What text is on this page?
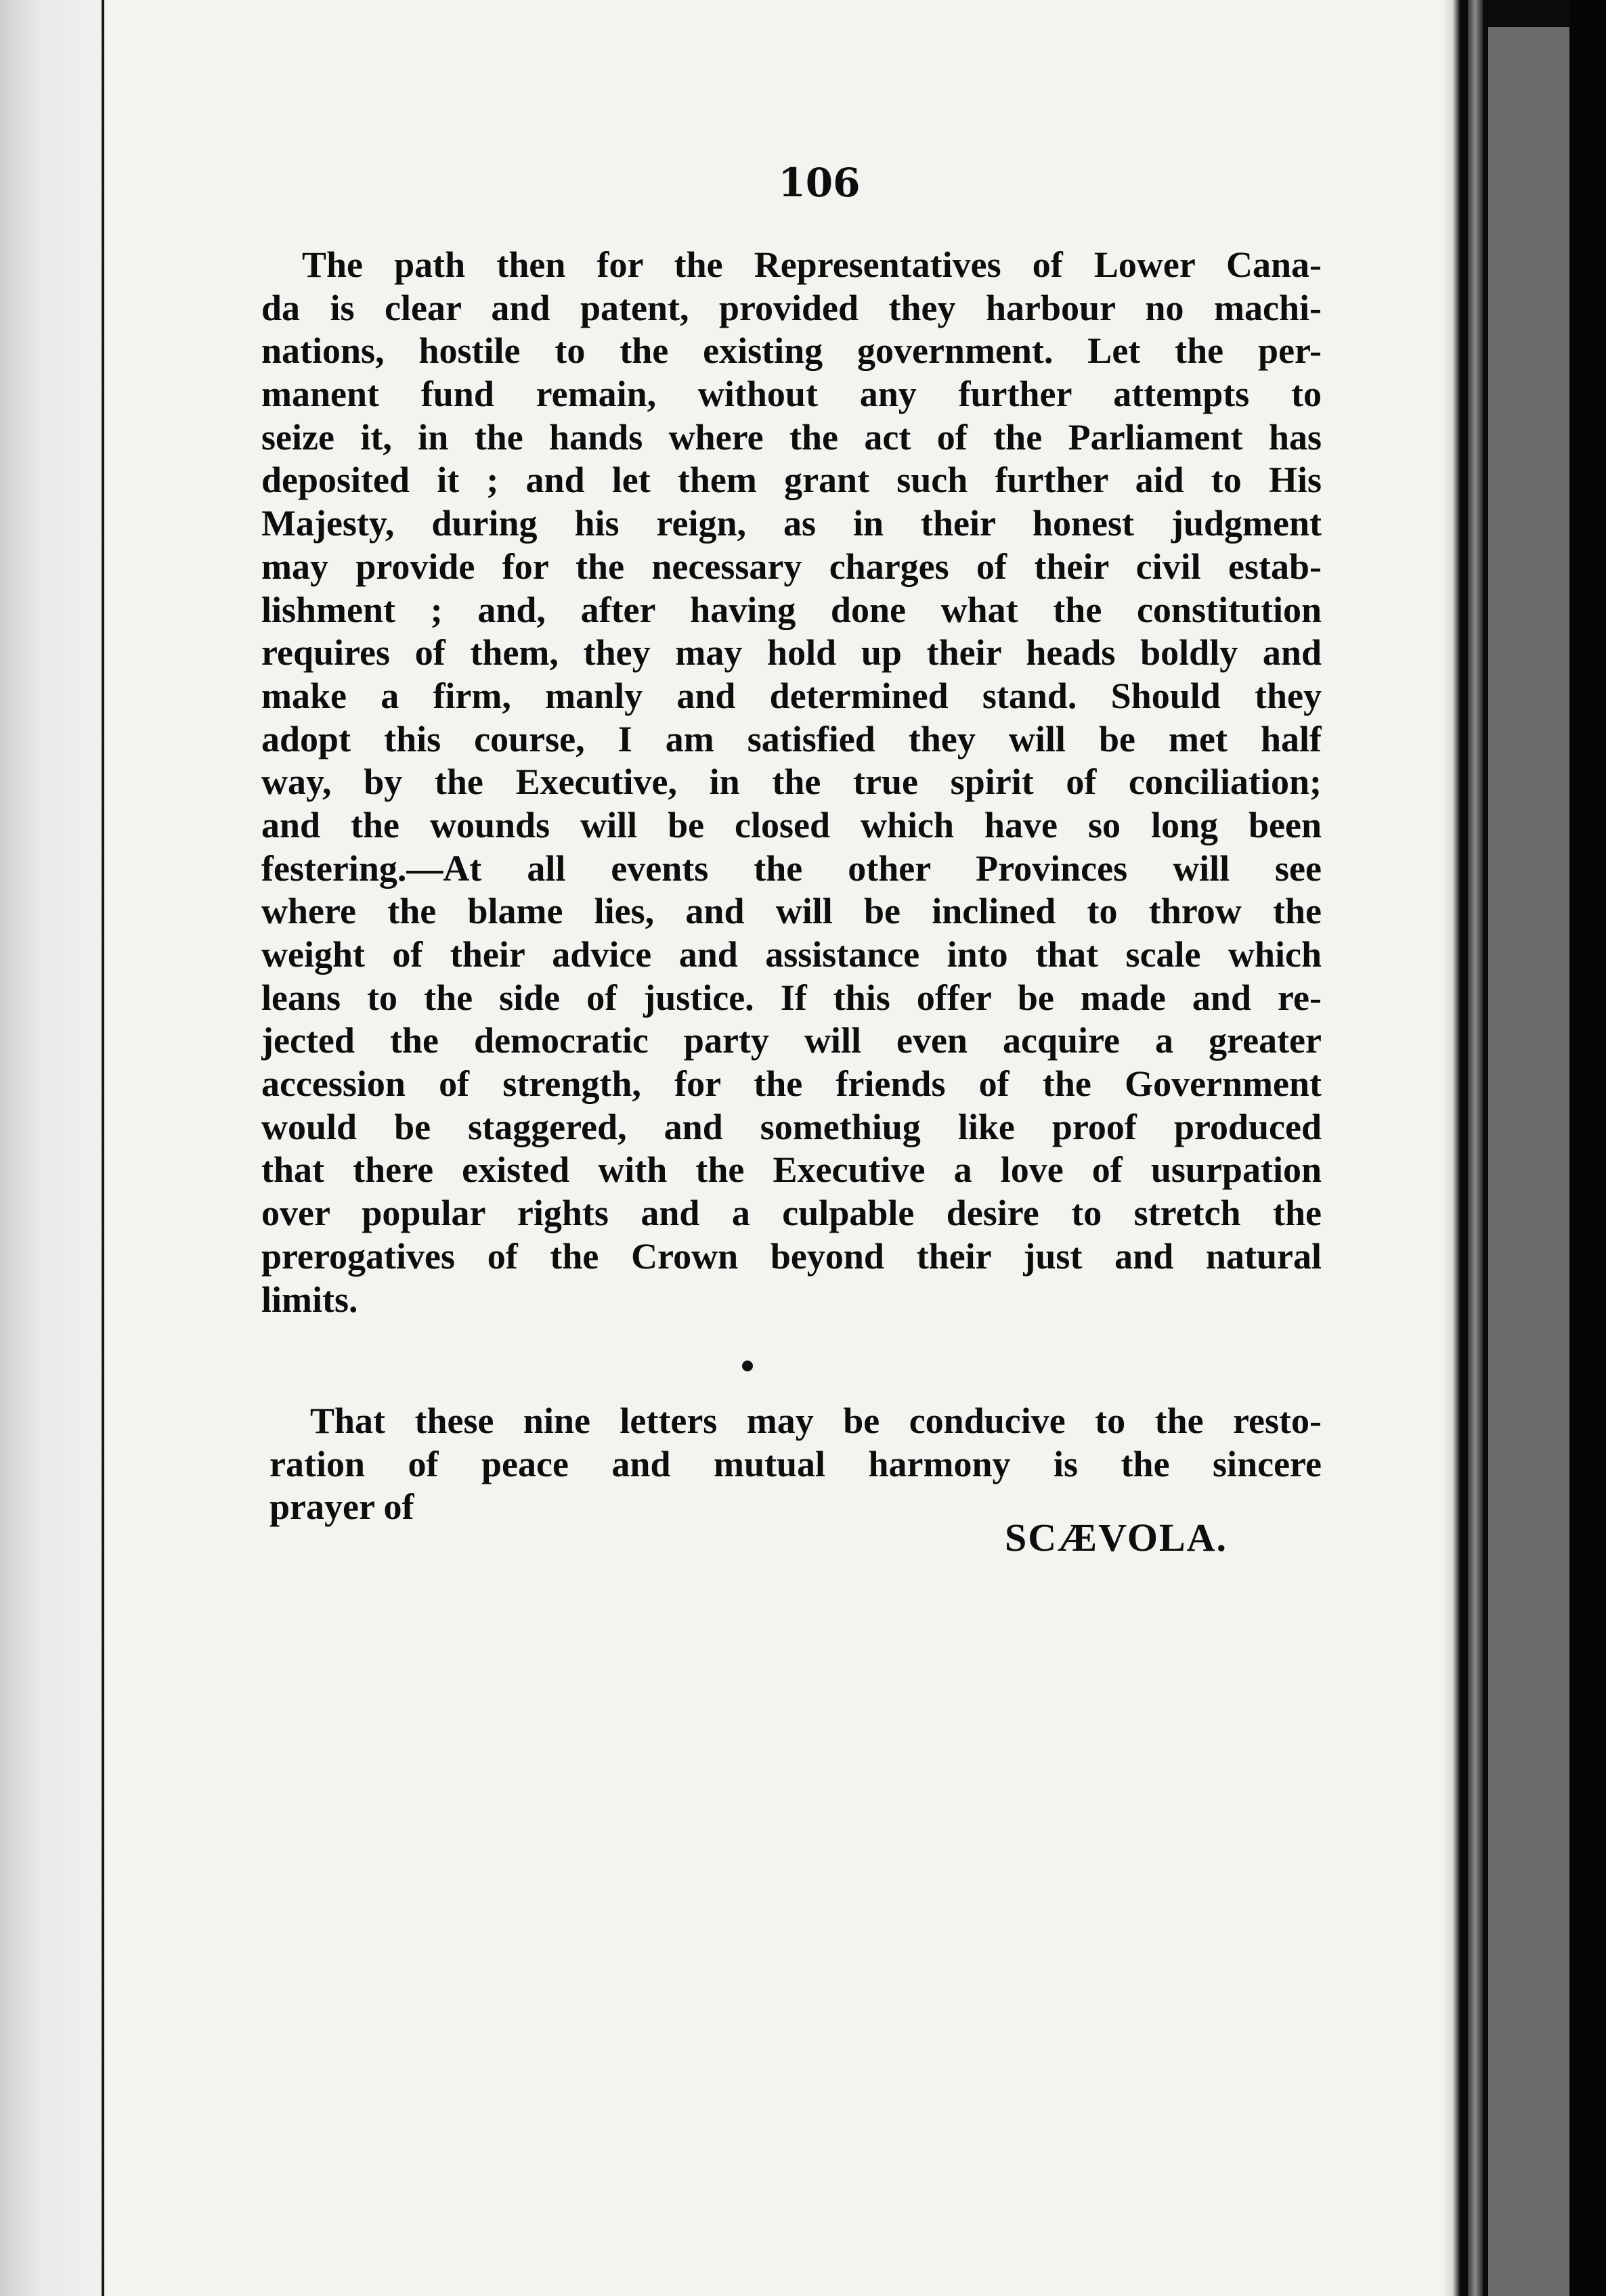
106
The path then for the Representatives of Lower Cana-
da is clear and patent, provided they harbour no machi-
nations, hostile to the existing government. Let the per-
manent fund remain, without any further attempts to
seize it, in the hands where the act of the Parliament has
deposited it ; and let them grant such further aid to His
Majesty, during his reign, as in their honest judgment
may provide for the necessary charges of their civil estab-
lishment ; and, after having done what the constitution
requires of them, they may hold up their heads boldly and
make a firm, manly and determined stand. Should they
adopt this course, I am satisfied they will be met half
way, by the Executive, in the true spirit of conciliation;
and the wounds will be closed which have so long been
festering.—At all events the other Provinces will see
where the blame lies, and will be inclined to throw the
weight of their advice and assistance into that scale which
leans to the side of justice. If this offer be made and re-
jected the democratic party will even acquire a greater
accession of strength, for the friends of the Government
would be staggered, and somethiug like proof produced
that there existed with the Executive a love of usurpation
over popular rights and a culpable desire to stretch the
prerogatives of the Crown beyond their just and natural
limits.
That these nine letters may be conducive to the resto-
ration of peace and mutual harmony is the sincere
prayer of
SCÆVOLA.
